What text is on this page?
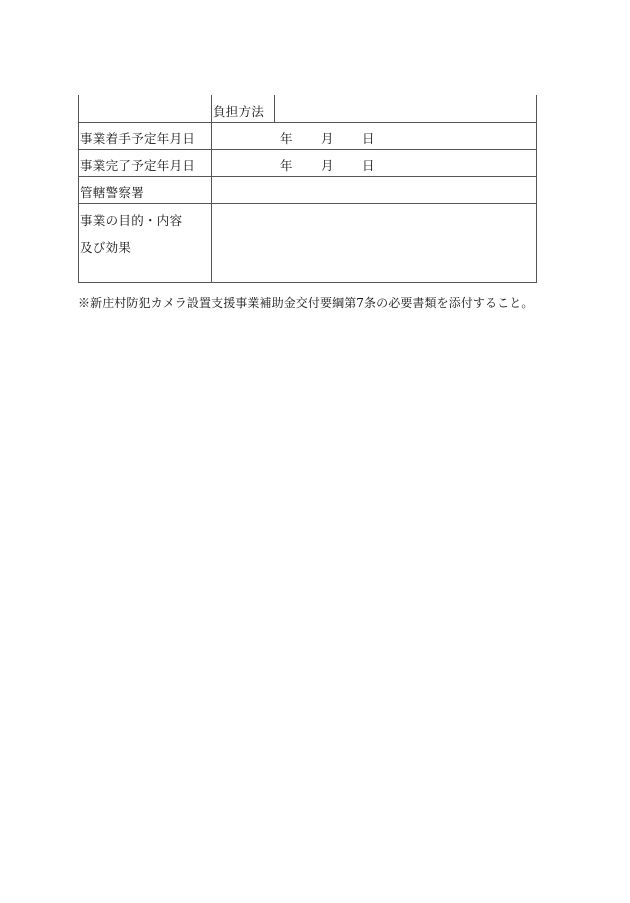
負担方法
事業着手予定年月日	年 月 日
事業完了予定年月日	年 月 日
管轄警察署
事業の目的・内容
及び効果
※新庄村防犯カメラ設置支援事業補助金交付要綱第7条の必要書類を添付すること。
